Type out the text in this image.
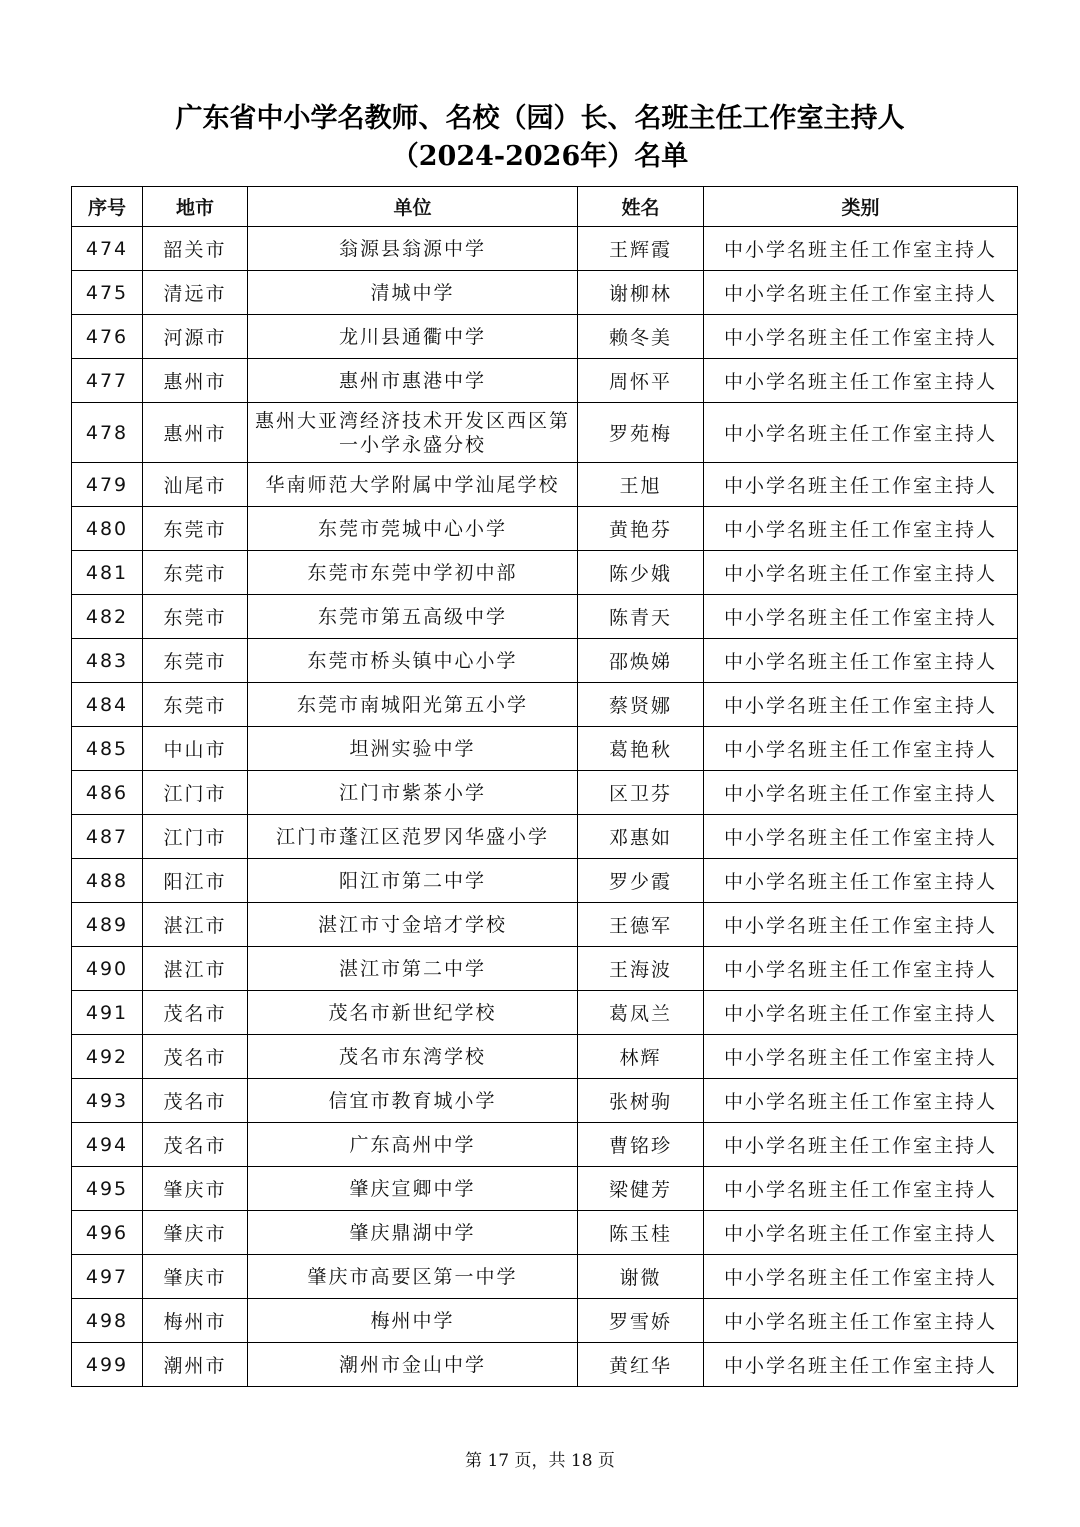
广东省中小学名教师、名校（园）长、名班主任工作室主持人
（2024-2026年）名单
序号	地市	单位	姓名	类别
474	韶关市	翁源县翁源中学	王辉霞	中小学名班主任工作室主持人
475	清远市	清城中学	谢柳林	中小学名班主任工作室主持人
476	河源市	龙川县通衢中学	赖冬美	中小学名班主任工作室主持人
477	惠州市	惠州市惠港中学	周怀平	中小学名班主任工作室主持人
478	惠州市	惠州大亚湾经济技术开发区西区第一小学永盛分校	罗苑梅	中小学名班主任工作室主持人
479	汕尾市	华南师范大学附属中学汕尾学校	王旭	中小学名班主任工作室主持人
480	东莞市	东莞市莞城中心小学	黄艳芬	中小学名班主任工作室主持人
481	东莞市	东莞市东莞中学初中部	陈少娥	中小学名班主任工作室主持人
482	东莞市	东莞市第五高级中学	陈青天	中小学名班主任工作室主持人
483	东莞市	东莞市桥头镇中心小学	邵焕娣	中小学名班主任工作室主持人
484	东莞市	东莞市南城阳光第五小学	蔡贤娜	中小学名班主任工作室主持人
485	中山市	坦洲实验中学	葛艳秋	中小学名班主任工作室主持人
486	江门市	江门市紫茶小学	区卫芬	中小学名班主任工作室主持人
487	江门市	江门市蓬江区范罗冈华盛小学	邓惠如	中小学名班主任工作室主持人
488	阳江市	阳江市第二中学	罗少霞	中小学名班主任工作室主持人
489	湛江市	湛江市寸金培才学校	王德军	中小学名班主任工作室主持人
490	湛江市	湛江市第二中学	王海波	中小学名班主任工作室主持人
491	茂名市	茂名市新世纪学校	葛凤兰	中小学名班主任工作室主持人
492	茂名市	茂名市东湾学校	林辉	中小学名班主任工作室主持人
493	茂名市	信宜市教育城小学	张树驹	中小学名班主任工作室主持人
494	茂名市	广东高州中学	曹铭珍	中小学名班主任工作室主持人
495	肇庆市	肇庆宣卿中学	梁健芳	中小学名班主任工作室主持人
496	肇庆市	肇庆鼎湖中学	陈玉桂	中小学名班主任工作室主持人
497	肇庆市	肇庆市高要区第一中学	谢微	中小学名班主任工作室主持人
498	梅州市	梅州中学	罗雪娇	中小学名班主任工作室主持人
499	潮州市	潮州市金山中学	黄红华	中小学名班主任工作室主持人
第 17 页，共 18 页
